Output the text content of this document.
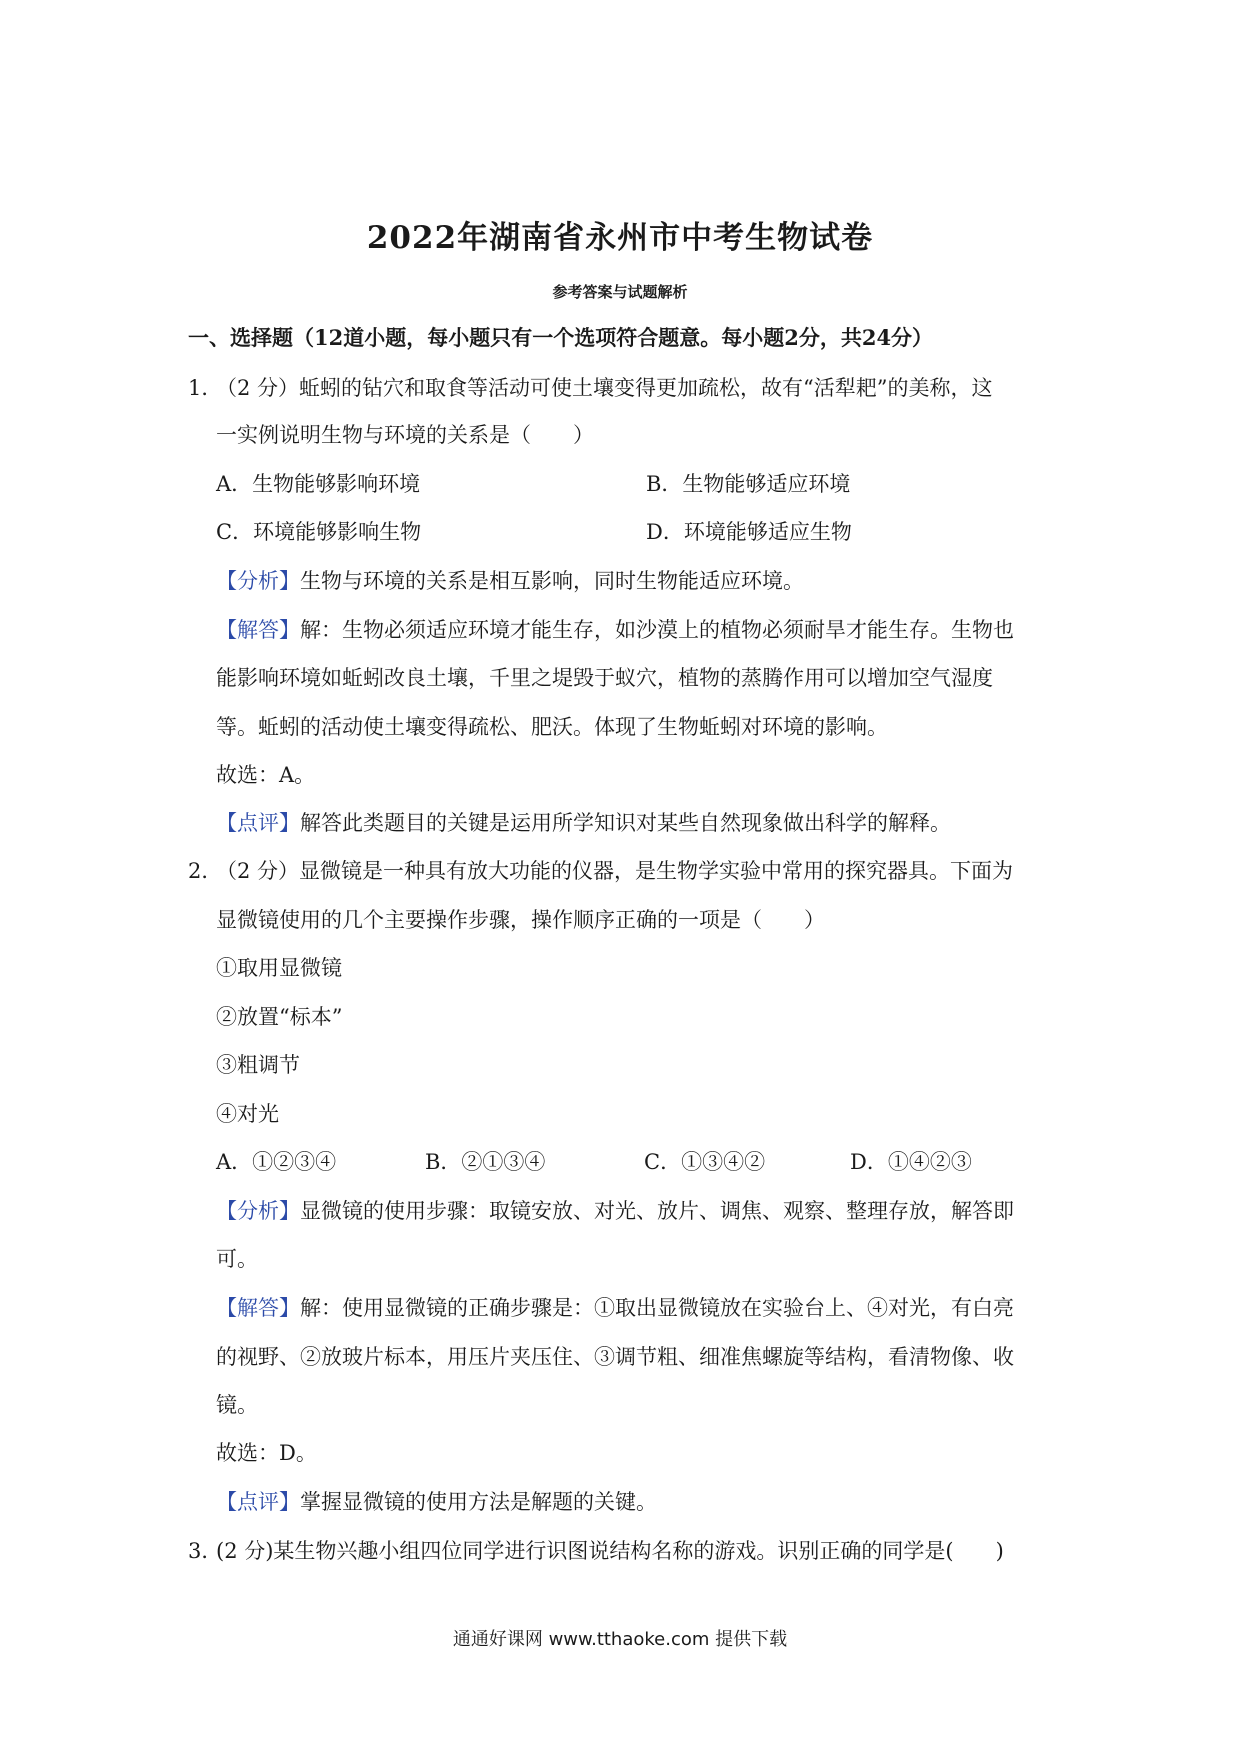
2022年湖南省永州市中考生物试卷
参考答案与试题解析
一、选择题（12道小题，每小题只有一个选项符合题意。每小题2分，共24分）
1．
（2 分）蚯蚓的钻穴和取食等活动可使土壤变得更加疏松，故有“活犁耙”的美称，这
一实例说明生物与环境的关系是（　　）
A．生物能够影响环境	B．生物能够适应环境
C．环境能够影响生物	D．环境能够适应生物
【分析】生物与环境的关系是相互影响，同时生物能适应环境。
【解答】解：生物必须适应环境才能生存，如沙漠上的植物必须耐旱才能生存。生物也
能影响环境如蚯蚓改良土壤，千里之堤毁于蚁穴，植物的蒸腾作用可以增加空气湿度
等。蚯蚓的活动使土壤变得疏松、肥沃。体现了生物蚯蚓对环境的影响。
故选：A。
【点评】解答此类题目的关键是运用所学知识对某些自然现象做出科学的解释。
2．
（2 分）显微镜是一种具有放大功能的仪器，是生物学实验中常用的探究器具。下面为
显微镜使用的几个主要操作步骤，操作顺序正确的一项是（　　）
①取用显微镜
②放置“标本”
③粗调节
④对光
A．①②③④	B．②①③④	C．①③④②	D．①④②③
【分析】显微镜的使用步骤：取镜安放、对光、放片、调焦、观察、整理存放，解答即
可。
【解答】解：使用显微镜的正确步骤是：①取出显微镜放在实验台上、④对光，有白亮
的视野、②放玻片标本，用压片夹压住、③调节粗、细准焦螺旋等结构，看清物像、收
镜。
故选：D。
【点评】掌握显微镜的使用方法是解题的关键。
3．
(2 分)某生物兴趣小组四位同学进行识图说结构名称的游戏。识别正确的同学是(　　)
通通好课网 www.tthaoke.com 提供下载
